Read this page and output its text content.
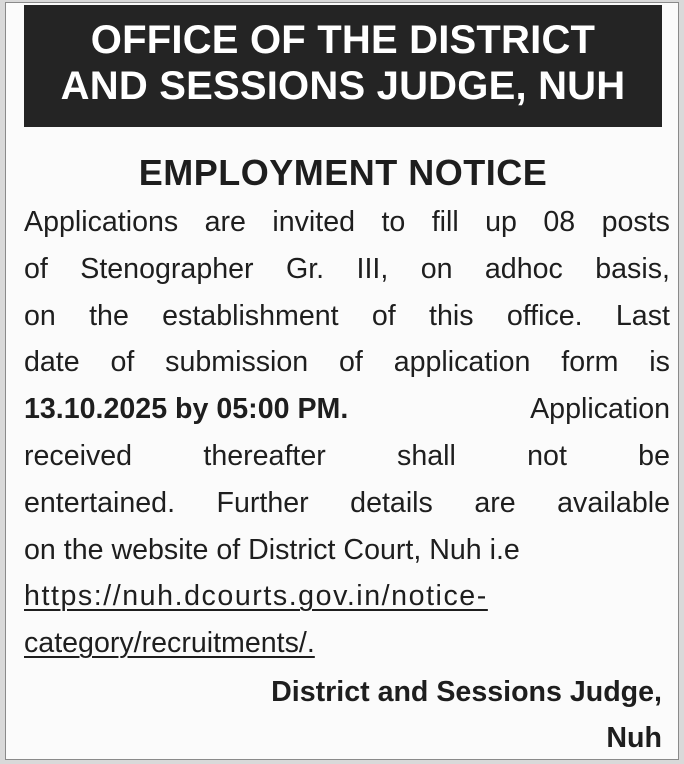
OFFICE OF THE DISTRICT
AND SESSIONS JUDGE, NUH
EMPLOYMENT NOTICE
Applications are invited to fill up 08 posts
of Stenographer Gr. III, on adhoc basis,
on the establishment of this office. Last
date of submission of application form is
13.10.2025 by 05:00 PM.	Application
received thereafter shall not be
entertained. Further details are available
on the website of District Court, Nuh i.e
https://nuh.dcourts.gov.in/notice-
category/recruitments/.
District and Sessions Judge,
Nuh
